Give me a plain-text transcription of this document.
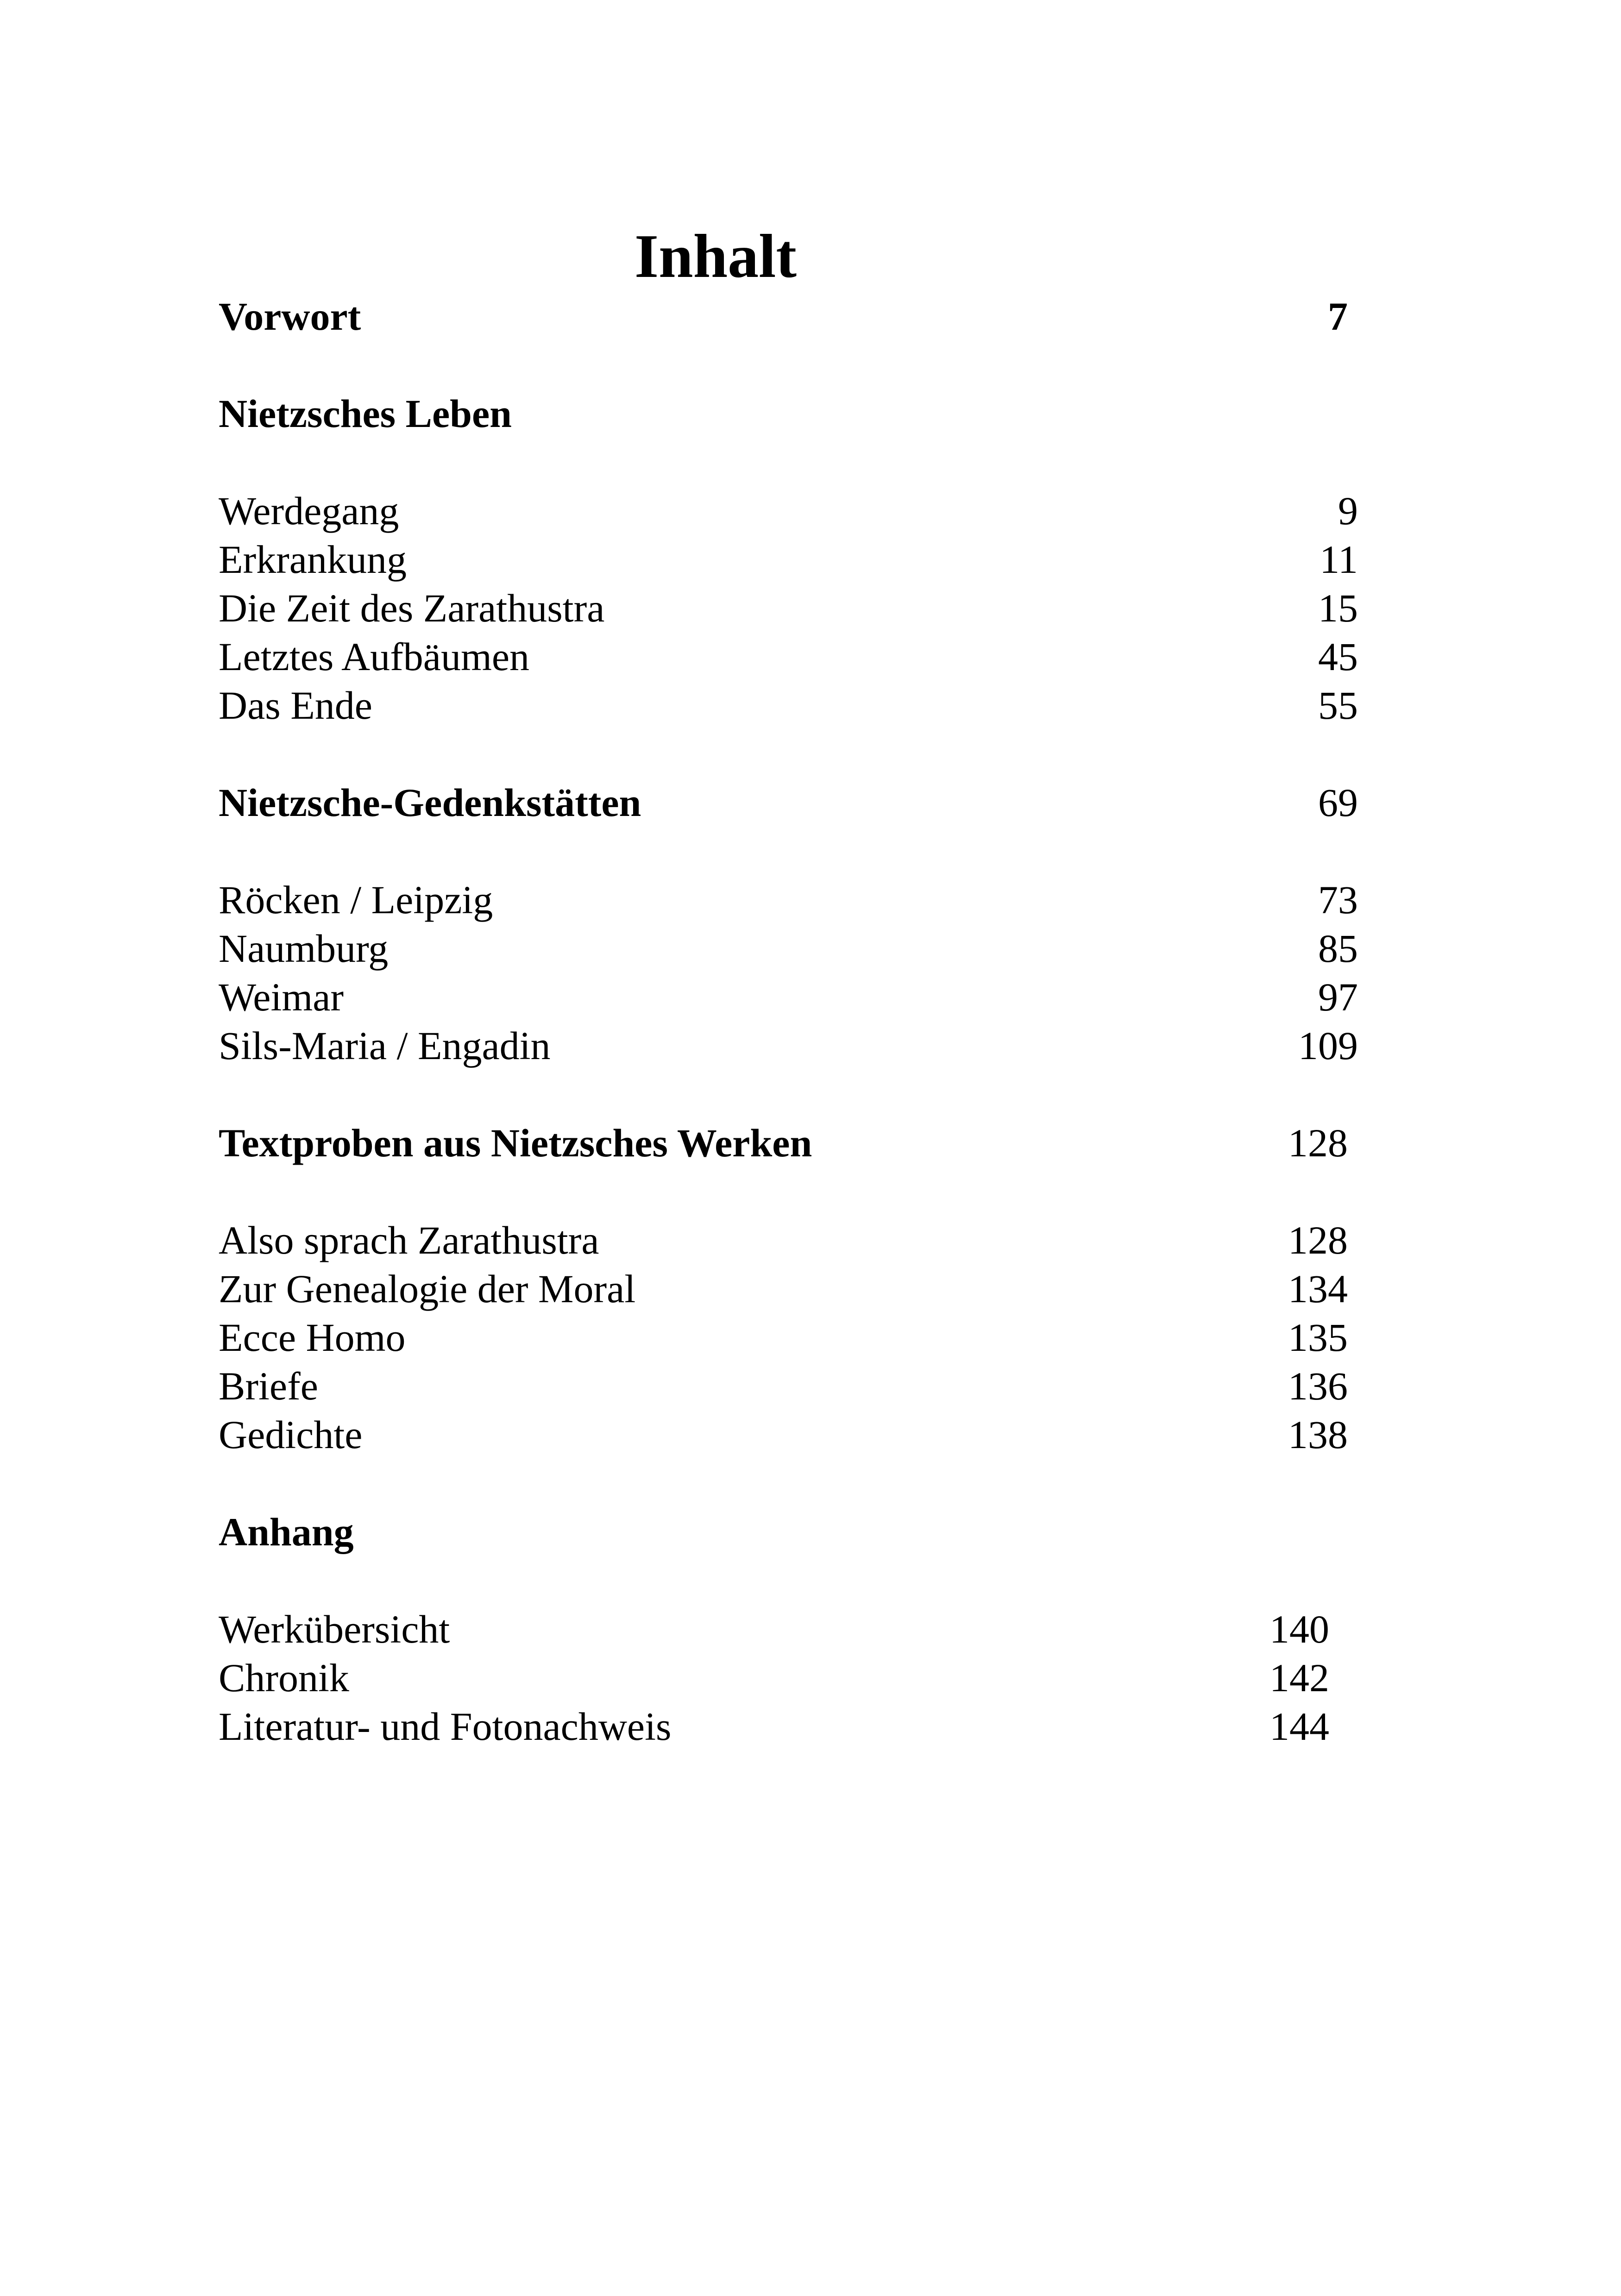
Inhalt
Vorwort	7
Nietzsches Leben
Werdegang	9
Erkrankung	11
Die Zeit des Zarathustra	15
Letztes Aufbäumen	45
Das Ende	55
Nietzsche-Gedenkstätten	69
Röcken / Leipzig	73
Naumburg	85
Weimar	97
Sils-Maria / Engadin	109
Textproben aus Nietzsches Werken	128
Also sprach Zarathustra	128
Zur Genealogie der Moral	134
Ecce Homo	135
Briefe	136
Gedichte	138
Anhang
Werkübersicht	140
Chronik	142
Literatur- und Fotonachweis	144
